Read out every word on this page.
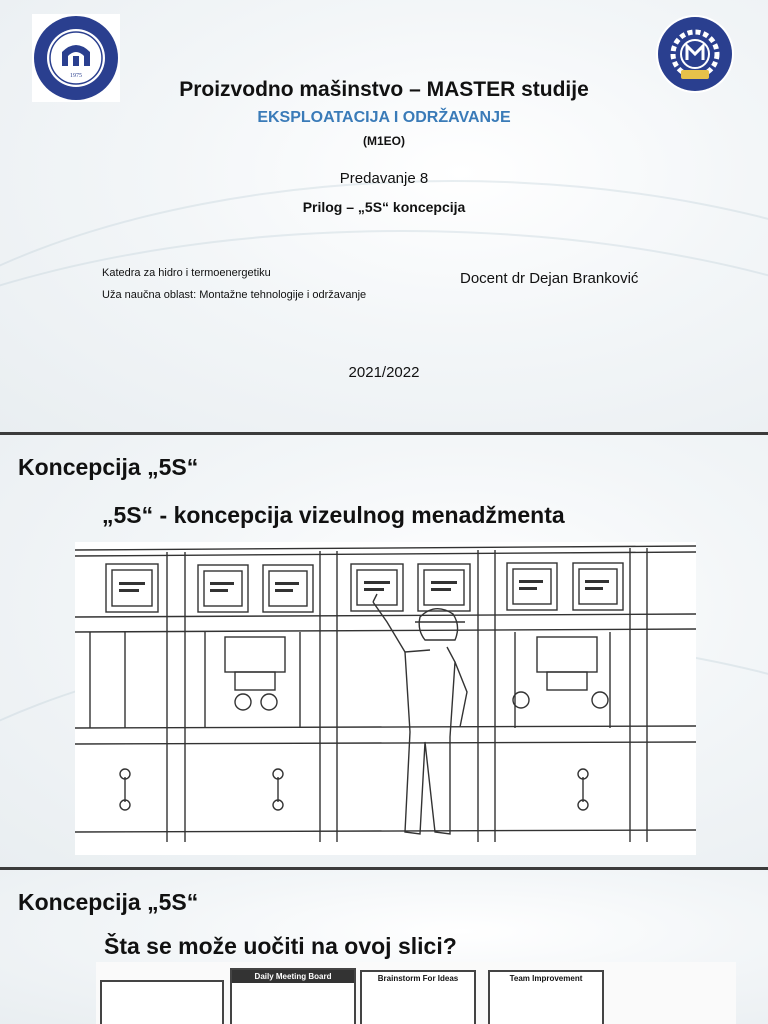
1975
Proizvodno mašinstvo – MASTER studije
EKSPLOATACIJA I ODRŽAVANJE
(M1EO)
Predavanje 8
Prilog – „5S“ koncepcija
Katedra za hidro i termoenergetiku
Uža naučna oblast: Montažne tehnologije i održavanje
Docent dr Dejan Branković
2021/2022
Koncepcija „5S“
„5S“ - koncepcija vizeulnog menadžmenta
Koncepcija „5S“
Šta se može uočiti na ovoj slici?
Daily Meeting Board	Brainstorm For Ideas	Team Improvement
